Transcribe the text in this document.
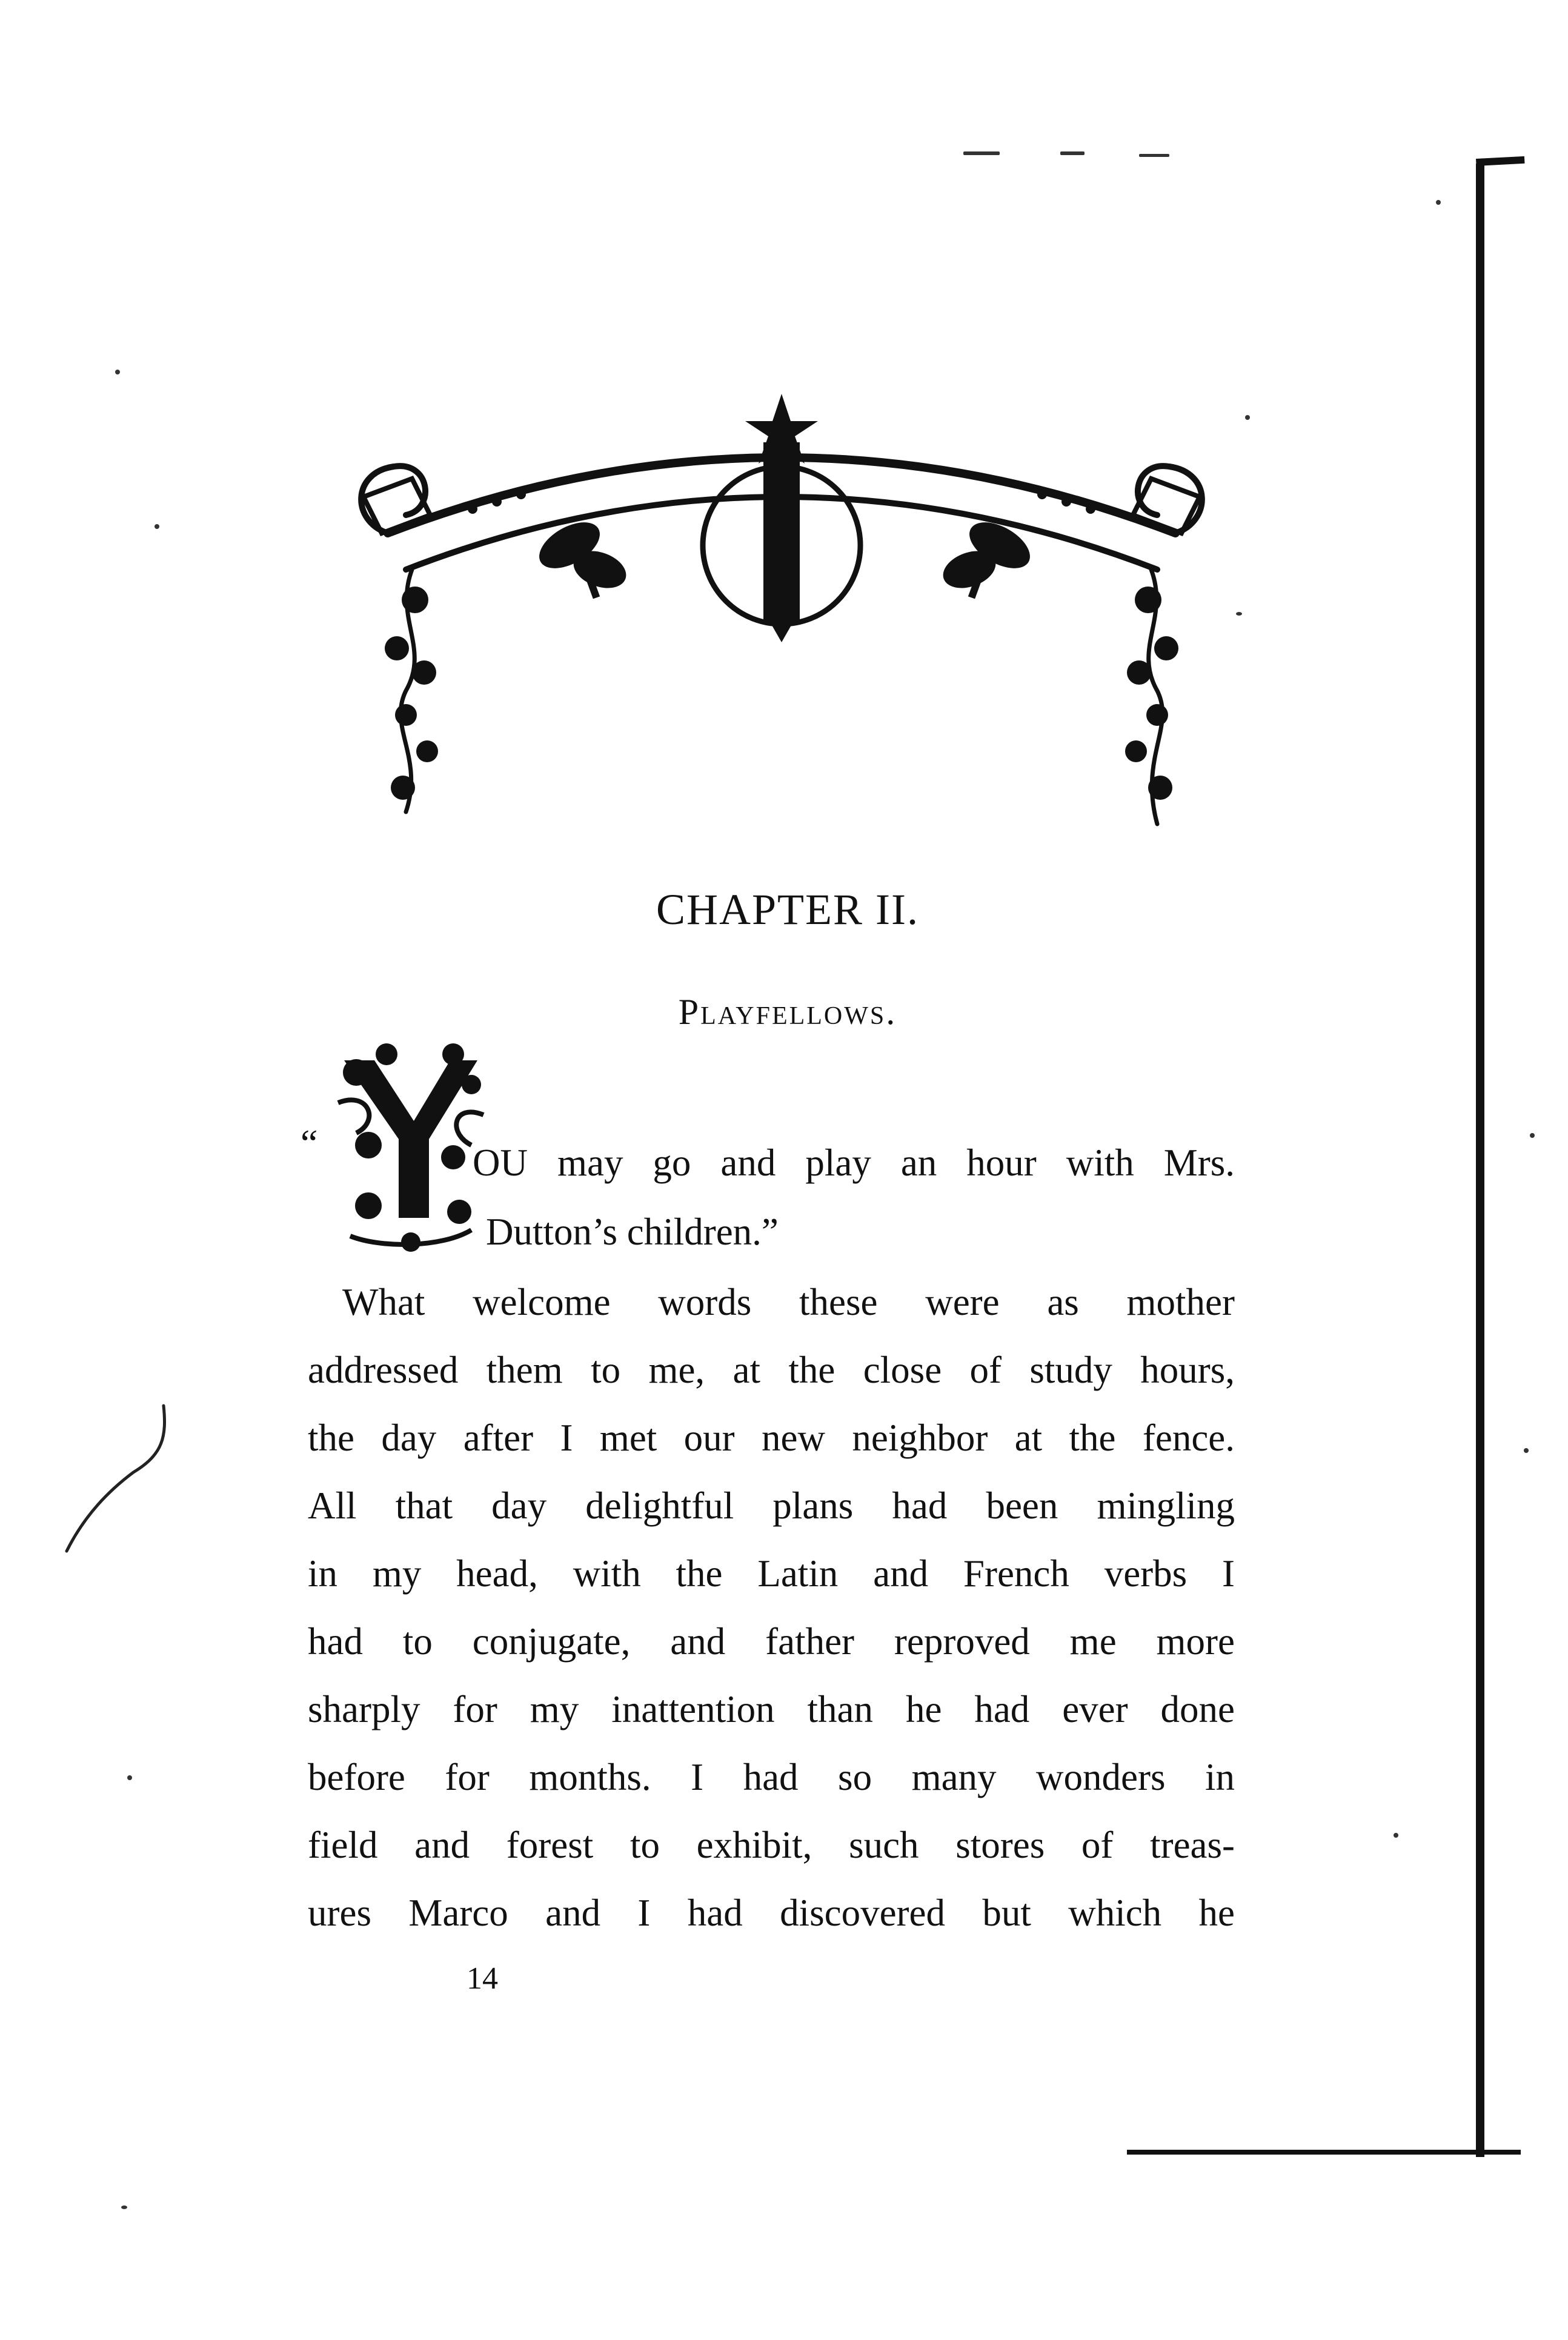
CHAPTER II.
Playfellows.
“	OU may go and play an hour with Mrs.
Dutton’s children.”
What welcome words these were as mother
addressed them to me, at the close of study hours,
the day after I met our new neighbor at the fence.
All that day delightful plans had been mingling
in my head, with the Latin and French verbs I
had to conjugate, and father reproved me more
sharply for my inattention than he had ever done
before for months. I had so many wonders in
field and forest to exhibit, such stores of treas-
ures Marco and I had discovered but which he
14
